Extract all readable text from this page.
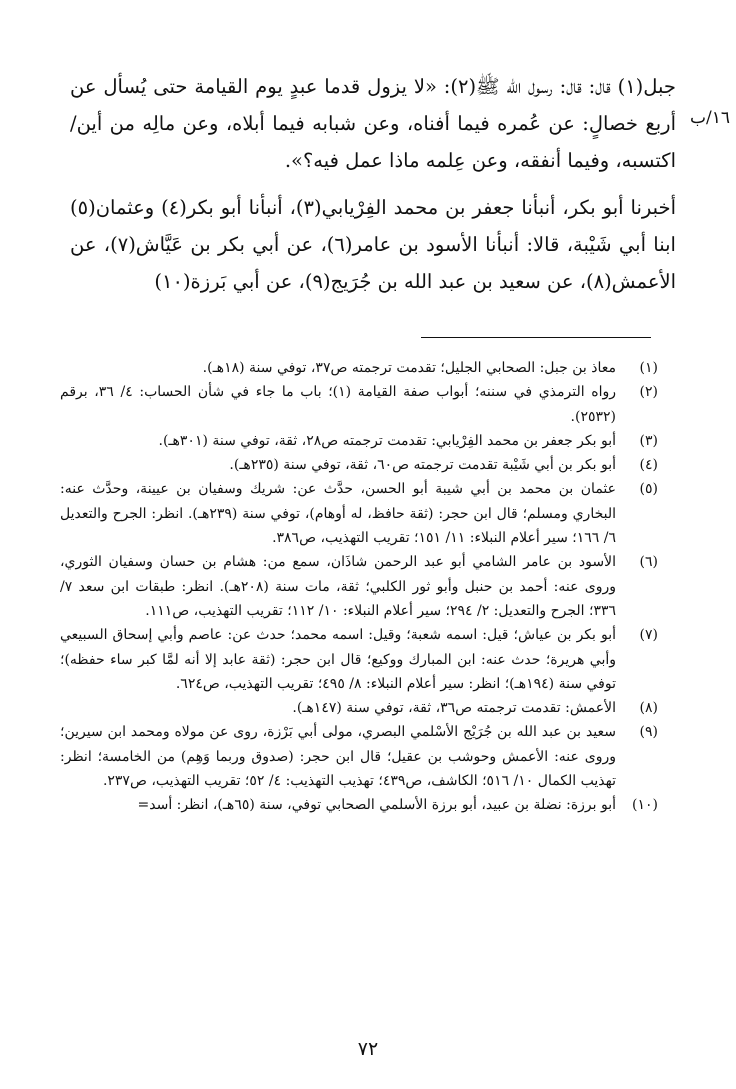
جبل(١) قال: قال: رسول الله ﷺ(٢): «لا يزول قدما عبدٍ يوم القيامة حتى يُسأل عن أربع خصالٍ: عن عُمره فيما أفناه، وعن شبابه فيما أبلاه، وعن مالِه من أين/ اكتسبه، وفيما أنفقه، وعن عِلمه ماذا عمل فيه؟».

أخبرنا أبو بكر، أنبأنا جعفر بن محمد الفِرْيابي(٣)، أنبأنا أبو بكر(٤) وعثمان(٥) ابنا أبي شَيْبة، قالا: أنبأنا الأسود بن عامر(٦)، عن أبي بكر بن عَيَّاش(٧)، عن الأعمش(٨)، عن سعيد بن عبد الله بن جُرَيج(٩)، عن أبي بَرزة(١٠)

١٦/ب
(١)
معاذ بن جبل: الصحابي الجليل؛ تقدمت ترجمته ص٣٧، توفي سنة (١٨هـ).
(٢)
رواه الترمذي في سننه؛ أبواب صفة القيامة (١)؛ باب ما جاء في شأن الحساب: ٤/ ٣٦، برقم (٢٥٣٢).
(٣)
أبو بكر جعفر بن محمد الفِرْيابي: تقدمت ترجمته ص٢٨، ثقة، توفي سنة (٣٠١هـ).
(٤)
أبو بكر بن أبي شَيْبة تقدمت ترجمته ص٦٠، ثقة، توفي سنة (٢٣٥هـ).
(٥)
عثمان بن محمد بن أبي شيبة أبو الحسن، حدَّث عن: شريك وسفيان بن عيينة، وحدَّث عنه: البخاري ومسلم؛ قال ابن حجر: (ثقة حافظ، له أوهام)، توفي سنة (٢٣٩هـ). انظر: الجرح والتعديل ٦/ ١٦٦؛ سير أعلام النبلاء: ١١/ ١٥١؛ تقريب التهذيب، ص٣٨٦.
(٦)
الأسود بن عامر الشامي أبو عبد الرحمن شاذَان، سمع من: هشام بن حسان وسفيان الثوري، وروى عنه: أحمد بن حنبل وأبو ثور الكلبي؛ ثقة، مات سنة (٢٠٨هـ). انظر: طبقات ابن سعد ٧/ ٣٣٦؛ الجرح والتعديل: ٢/ ٢٩٤؛ سير أعلام النبلاء: ١٠/ ١١٢؛ تقريب التهذيب، ص١١١.
(٧)
أبو بكر بن عياش؛ قيل: اسمه شعبة؛ وقيل: اسمه محمد؛ حدث عن: عاصم وأبي إسحاق السبيعي وأبي هريرة؛ حدث عنه: ابن المبارك ووكيع؛ قال ابن حجر: (ثقة عابد إلا أنه لمَّا كبر ساء حفظه)؛ توفي سنة (١٩٤هـ)؛ انظر: سير أعلام النبلاء: ٨/ ٤٩٥؛ تقريب التهذيب، ص٦٢٤.
(٨)
الأعمش: تقدمت ترجمته ص٣٦، ثقة، توفي سنة (١٤٧هـ).
(٩)
سعيد بن عبد الله بن جُرَيْج الأسْلمي البصري، مولى أبي بَرْزة، روى عن مولاه ومحمد ابن سيرين؛ وروى عنه: الأعمش وحوشب بن عقيل؛ قال ابن حجر: (صدوق وربما وَهِم) من الخامسة؛ انظر: تهذيب الكمال ١٠/ ٥١٦؛ الكاشف، ص٤٣٩؛ تهذيب التهذيب: ٤/ ٥٢؛ تقريب التهذيب، ص٢٣٧.
(١٠)
أبو برزة: نضلة بن عبيد، أبو برزة الأسلمي الصحابي توفي، سنة (٦٥هـ)، انظر: أسد=
٧٢
